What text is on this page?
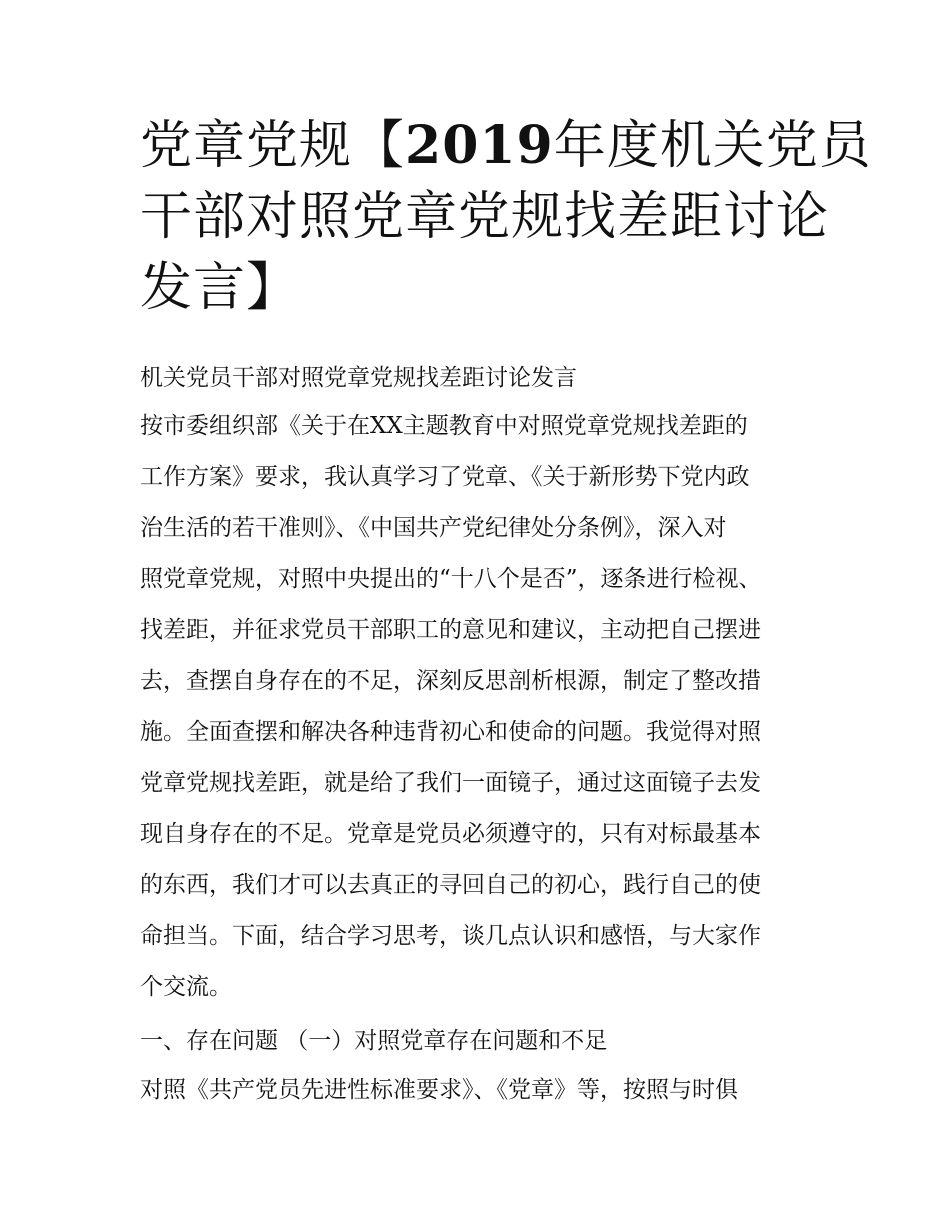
党章党规【2019年度机关党员
干部对照党章党规找差距讨论
发言】

机关党员干部对照党章党规找差距讨论发言

按市委组织部《关于在XX主题教育中对照党章党规找差距的
工作方案》要求，我认真学习了党章、《关于新形势下党内政
治生活的若干准则》、《中国共产党纪律处分条例》，深入对
照党章党规，对照中央提出的“十八个是否”，逐条进行检视、
找差距，并征求党员干部职工的意见和建议，主动把自己摆进
去，查摆自身存在的不足，深刻反思剖析根源，制定了整改措
施。全面查摆和解决各种违背初心和使命的问题。我觉得对照
党章党规找差距，就是给了我们一面镜子，通过这面镜子去发
现自身存在的不足。党章是党员必须遵守的，只有对标最基本
的东西，我们才可以去真正的寻回自己的初心，践行自己的使
命担当。下面，结合学习思考，谈几点认识和感悟，与大家作
个交流。

一、存在问题 （一）对照党章存在问题和不足

对照《共产党员先进性标准要求》、《党章》等，按照与时俱
